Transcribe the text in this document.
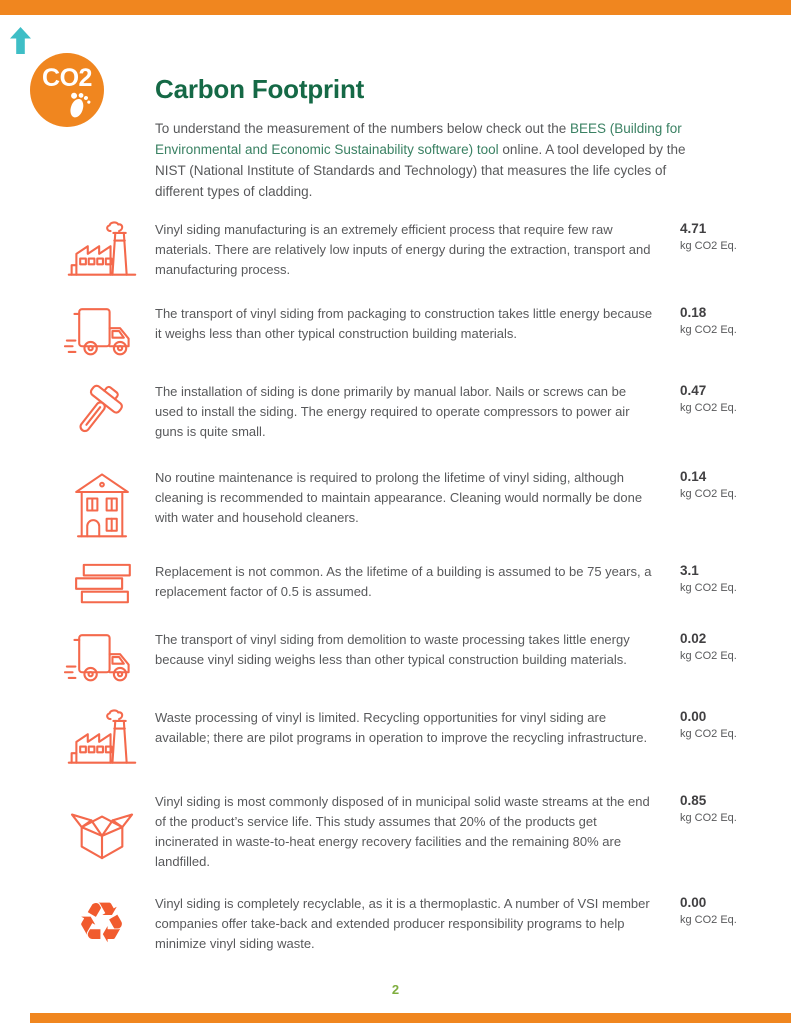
CO2	Carbon Footprint

To understand the measurement of the numbers below check out the BEES (Building for Environmental and Economic Sustainability software) tool online. A tool developed by the NIST (National Institute of Standards and Technology) that measures the life cycles of different types of cladding.

Vinyl siding manufacturing is an extremely efficient process that require few raw materials. There are relatively low inputs of energy during the extraction, transport and manufacturing process.

4.71
kg CO2 Eq.

The transport of vinyl siding from packaging to construction takes little energy because it weighs less than other typical construction building materials.

0.18
kg CO2 Eq.

The installation of siding is done primarily by manual labor. Nails or screws can be used to install the siding. The energy required to operate compressors to power air guns is quite small.

0.47
kg CO2 Eq.

No routine maintenance is required to prolong the lifetime of vinyl siding, although cleaning is recommended to maintain appearance. Cleaning would normally be done with water and household cleaners.

0.14
kg CO2 Eq.

Replacement is not common. As the lifetime of a building is assumed to be 75 years, a replacement factor of 0.5 is assumed.

3.1
kg CO2 Eq.

The transport of vinyl siding from demolition to waste processing takes little energy because vinyl siding weighs less than other typical construction building materials.

0.02
kg CO2 Eq.

Waste processing of vinyl is limited. Recycling opportunities for vinyl siding are available; there are pilot programs in operation to improve the recycling infrastructure.

0.00
kg CO2 Eq.

Vinyl siding is most commonly disposed of in municipal solid waste streams at the end of the product’s service life. This study assumes that 20% of the products get incinerated in waste-to-heat energy recovery facilities and the remaining 80% are landfilled.

0.85
kg CO2 Eq.
♻ Vinyl siding is completely recyclable, as it is a thermoplastic. A number of VSI member companies offer take-back and extended producer responsibility programs to help minimize vinyl siding waste.

0.00
kg CO2 Eq.
2
